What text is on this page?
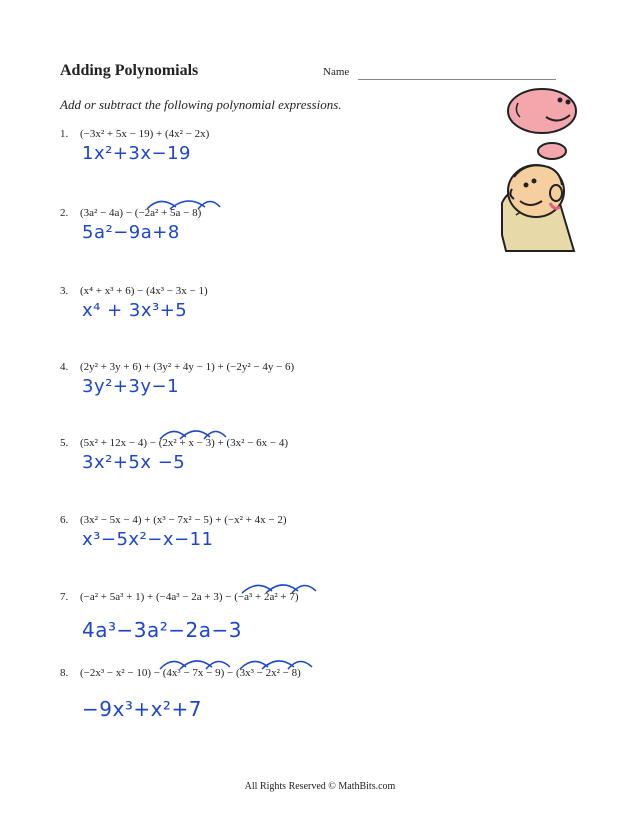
Adding Polynomials	Name
Add or subtract the following polynomial expressions.
1. (−3x² + 5x − 19) + (4x² − 2x)
1x²+3x−19
2. (3a² − 4a) − (−2a² + 5a − 8)
5a²−9a+8
3. (x⁴ + x³ + 6) − (4x³ − 3x − 1)
x⁴ + 3x³+5
4. (2y² + 3y + 6) + (3y² + 4y − 1) + (−2y² − 4y − 6)
3y²+3y−1
5. (5x² + 12x − 4) − (2x² + x − 3) + (3x² − 6x − 4)
3x²+5x −5
6. (3x² − 5x − 4) + (x³ − 7x² − 5) + (−x² + 4x − 2)
x³−5x²−x−11
7. (−a² + 5a³ + 1) + (−4a³ − 2a + 3) − (−a³ + 2a² + 7)
4a³−3a²−2a−3
8. (−2x³ − x² − 10) − (4x³ − 7x − 9) − (3x³ − 2x² − 8)
−9x³+x²+7
All Rights Reserved © MathBits.com
